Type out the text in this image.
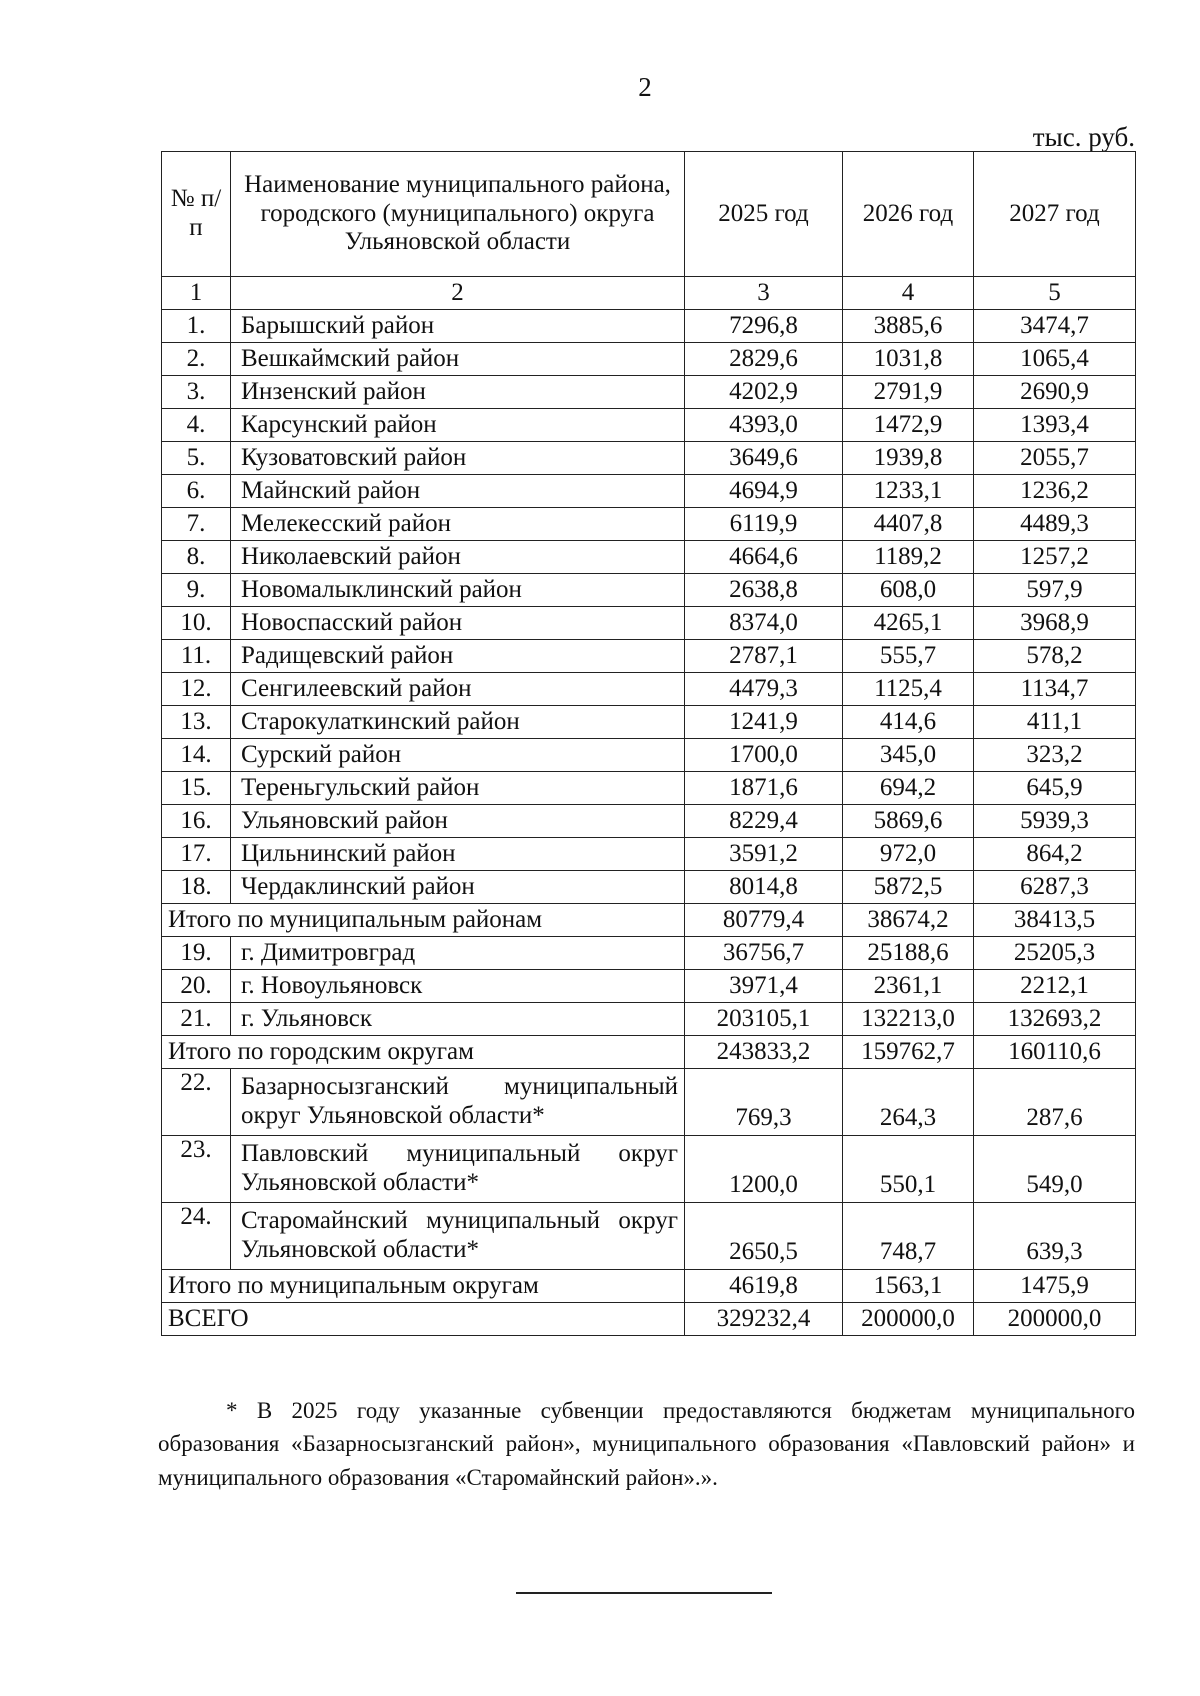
2
тыс. руб.
№ п/п	Наименование муниципального района, городского (муниципального) округа Ульяновской области	2025 год	2026 год	2027 год
1	2	3	4	5
1.	Барышский район	7296,8	3885,6	3474,7
2.	Вешкаймский район	2829,6	1031,8	1065,4
3.	Инзенский район	4202,9	2791,9	2690,9
4.	Карсунский район	4393,0	1472,9	1393,4
5.	Кузоватовский район	3649,6	1939,8	2055,7
6.	Майнский район	4694,9	1233,1	1236,2
7.	Мелекесский район	6119,9	4407,8	4489,3
8.	Николаевский район	4664,6	1189,2	1257,2
9.	Новомалыклинский район	2638,8	608,0	597,9
10.	Новоспасский район	8374,0	4265,1	3968,9
11.	Радищевский район	2787,1	555,7	578,2
12.	Сенгилеевский район	4479,3	1125,4	1134,7
13.	Старокулаткинский район	1241,9	414,6	411,1
14.	Сурский район	1700,0	345,0	323,2
15.	Тереньгульский район	1871,6	694,2	645,9
16.	Ульяновский район	8229,4	5869,6	5939,3
17.	Цильнинский район	3591,2	972,0	864,2
18.	Чердаклинский район	8014,8	5872,5	6287,3
Итого по муниципальным районам		80779,4	38674,2	38413,5
19.	г. Димитровград	36756,7	25188,6	25205,3
20.	г. Новоульяновск	3971,4	2361,1	2212,1
21.	г. Ульяновск	203105,1	132213,0	132693,2
Итого по городским округам		243833,2	159762,7	160110,6
22.	Базарносызганский муниципальный округ Ульяновской области*	769,3	264,3	287,6
23.	Павловский муниципальный округ Ульяновской области*	1200,0	550,1	549,0
24.	Старомайнский муниципальный округ Ульяновской области*	2650,5	748,7	639,3
Итого по муниципальным округам		4619,8	1563,1	1475,9
ВСЕГО		329232,4	200000,0	200000,0
* В 2025 году указанные субвенции предоставляются бюджетам муниципального образования «Базарносызганский район», муниципального образования «Павловский район» и муниципального образования «Старомайнский район».».
